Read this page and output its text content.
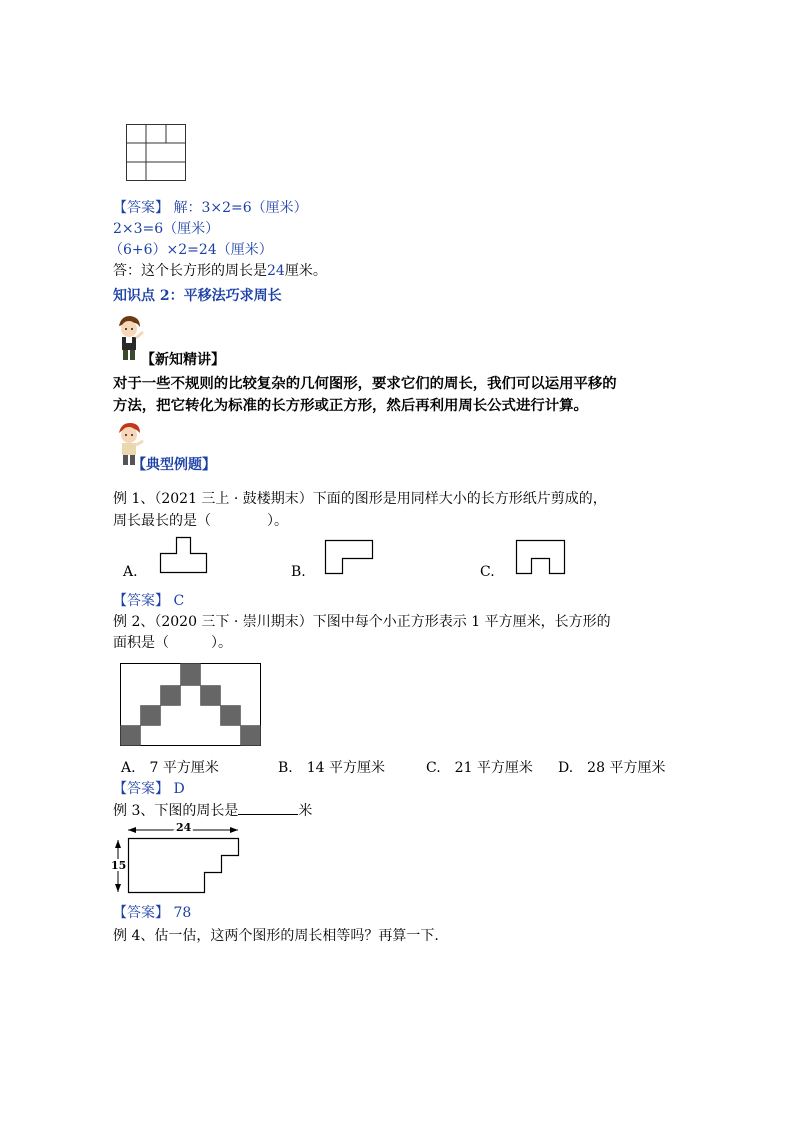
【答案】 解：3×2=6（厘米）
2×3=6（厘米）
（6+6）×2=24（厘米）
答：这个长方形的周长是24厘米。
知识点 2：平移法巧求周长
【新知精讲】
对于一些不规则的比较复杂的几何图形，要求它们的周长，我们可以运用平移的
方法，把它转化为标准的长方形或正方形，然后再利用周长公式进行计算。
【典型例题】
例 1、（2021 三上 · 鼓楼期末）下面的图形是用同样大小的长方形纸片剪成的，
周长最长的是（　　　　）。
A.	B.	C.
【答案】 C
例 2、（2020 三下 · 崇川期末）下图中每个小正方形表示 1 平方厘米，长方形的
面积是（　　　）。
A.　7 平方厘米	B.　14 平方厘米	C.　21 平方厘米 D.　28 平方厘米
【答案】 D
例 3、下图的周长是	米
24
15
【答案】 78
例 4、估一估，这两个图形的周长相等吗？再算一下.
